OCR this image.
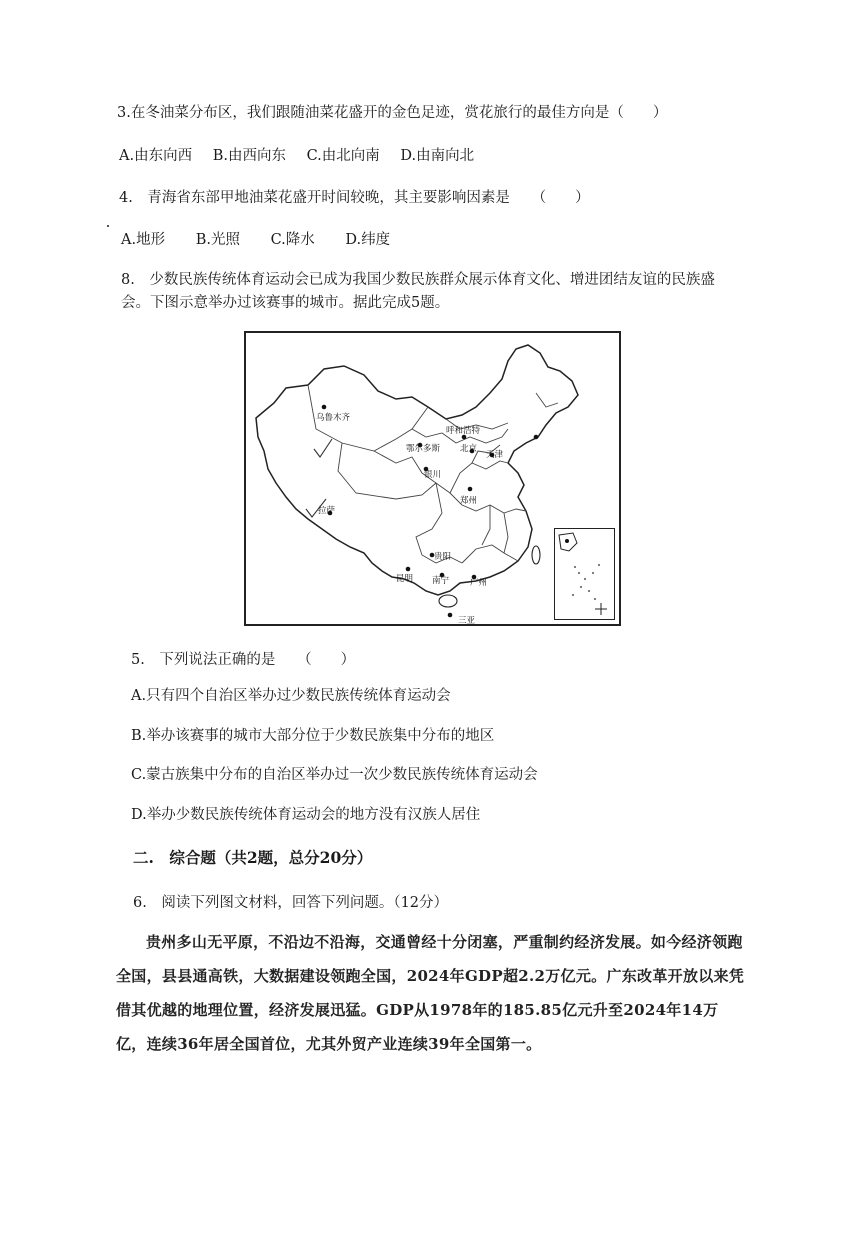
3.在冬油菜分布区，我们跟随油菜花盛开的金色足迹，赏花旅行的最佳方向是（　　）
A.由东向西 B.由西向东 C.由北向南 D.由南向北
4.　青海省东部甲地油菜花盛开时间较晚，其主要影响因素是　　（　　）
A.地形 B.光照 C.降水 D.纬度
8.　少数民族传统体育运动会已成为我国少数民族群众展示体育文化、增进团结友谊的民族盛
会。下图示意举办过该赛事的城市。据此完成5题。
乌鲁木齐
呼和浩特
北京
天津
鄂尔多斯
银川
郑州
拉萨
贵阳
昆明 南宁 广州
三亚
5.　下列说法正确的是　　（　　）
A.只有四个自治区举办过少数民族传统体育运动会
B.举办该赛事的城市大部分位于少数民族集中分布的地区
C.蒙古族集中分布的自治区举办过一次少数民族传统体育运动会
D.举办少数民族传统体育运动会的地方没有汉族人居住
二.　综合题（共2题，总分20分）
6.　阅读下列图文材料，回答下列问题。（12分）
贵州多山无平原，不沿边不沿海，交通曾经十分闭塞，严重制约经济发展。如今经济领跑全国，县县通高铁，大数据建设领跑全国，2024年GDP超2.2万亿元。广东改革开放以来凭借其优越的地理位置，经济发展迅猛。GDP从1978年的185.85亿元升至2024年14万亿，连续36年居全国首位，尤其外贸产业连续39年全国第一。
